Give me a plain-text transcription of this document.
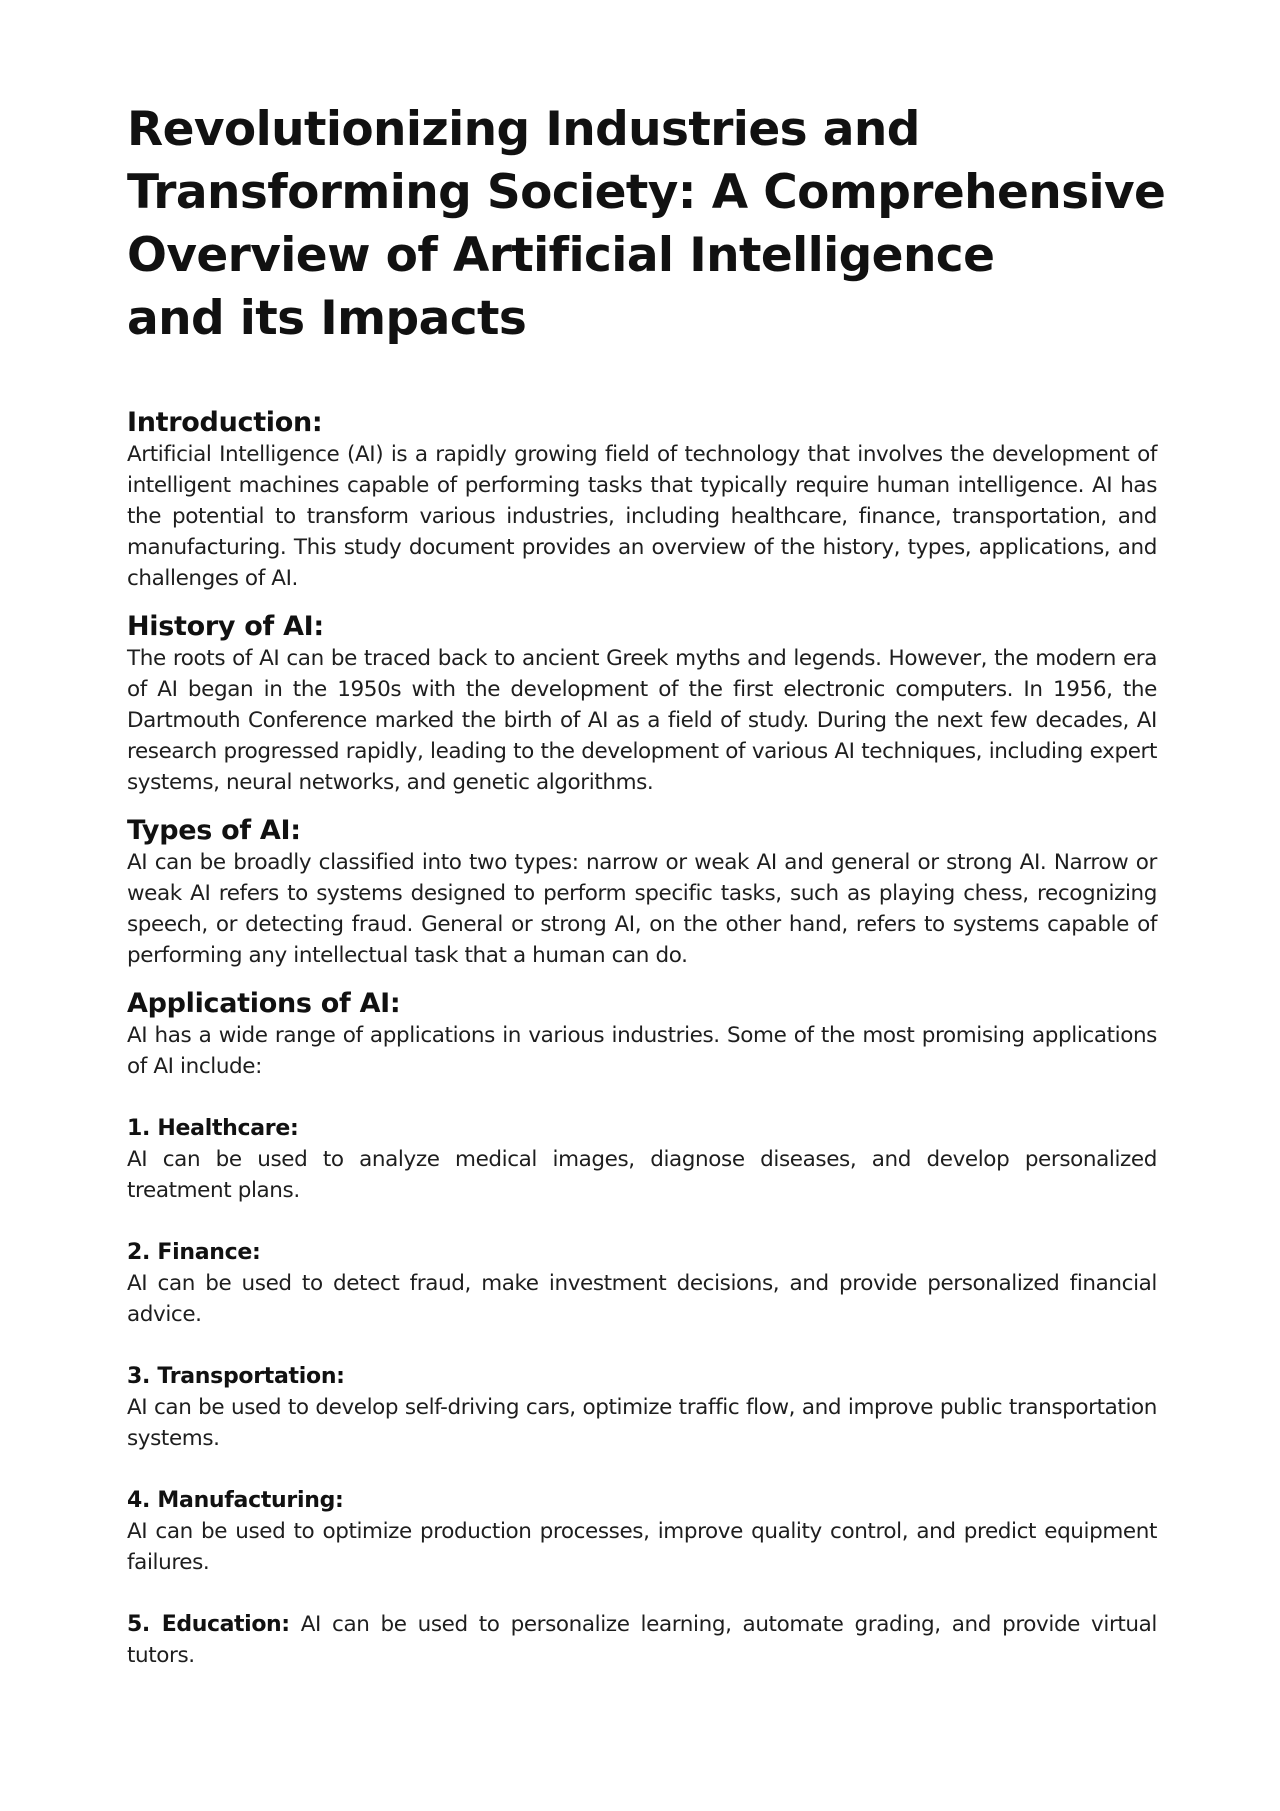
Revolutionizing Industries and
Transforming Society: A Comprehensive
Overview of Artificial Intelligence
and its Impacts
Introduction:

Artificial Intelligence (AI) is a rapidly growing field of technology that involves the development of intelligent machines capable of performing tasks that typically require human intelligence. AI has the potential to transform various industries, including healthcare, finance, transportation, and manufacturing. This study document provides an overview of the history, types, applications, and challenges of AI.

History of AI:

The roots of AI can be traced back to ancient Greek myths and legends. However, the modern era of AI began in the 1950s with the development of the first electronic computers. In 1956, the Dartmouth Conference marked the birth of AI as a field of study. During the next few decades, AI research progressed rapidly, leading to the development of various AI techniques, including expert systems, neural networks, and genetic algorithms.

Types of AI:

AI can be broadly classified into two types: narrow or weak AI and general or strong AI. Narrow or weak AI refers to systems designed to perform specific tasks, such as playing chess, recognizing speech, or detecting fraud. General or strong AI, on the other hand, refers to systems capable of performing any intellectual task that a human can do.

Applications of AI:

AI has a wide range of applications in various industries. Some of the most promising applications of AI include:

1. Healthcare:

AI can be used to analyze medical images, diagnose diseases, and develop personalized treatment plans.

2. Finance:

AI can be used to detect fraud, make investment decisions, and provide personalized financial advice.

3. Transportation:

AI can be used to develop self-driving cars, optimize traffic flow, and improve public transportation systems.

4. Manufacturing:

AI can be used to optimize production processes, improve quality control, and predict equipment failures.

5. Education: AI can be used to personalize learning, automate grading, and provide virtual tutors.
